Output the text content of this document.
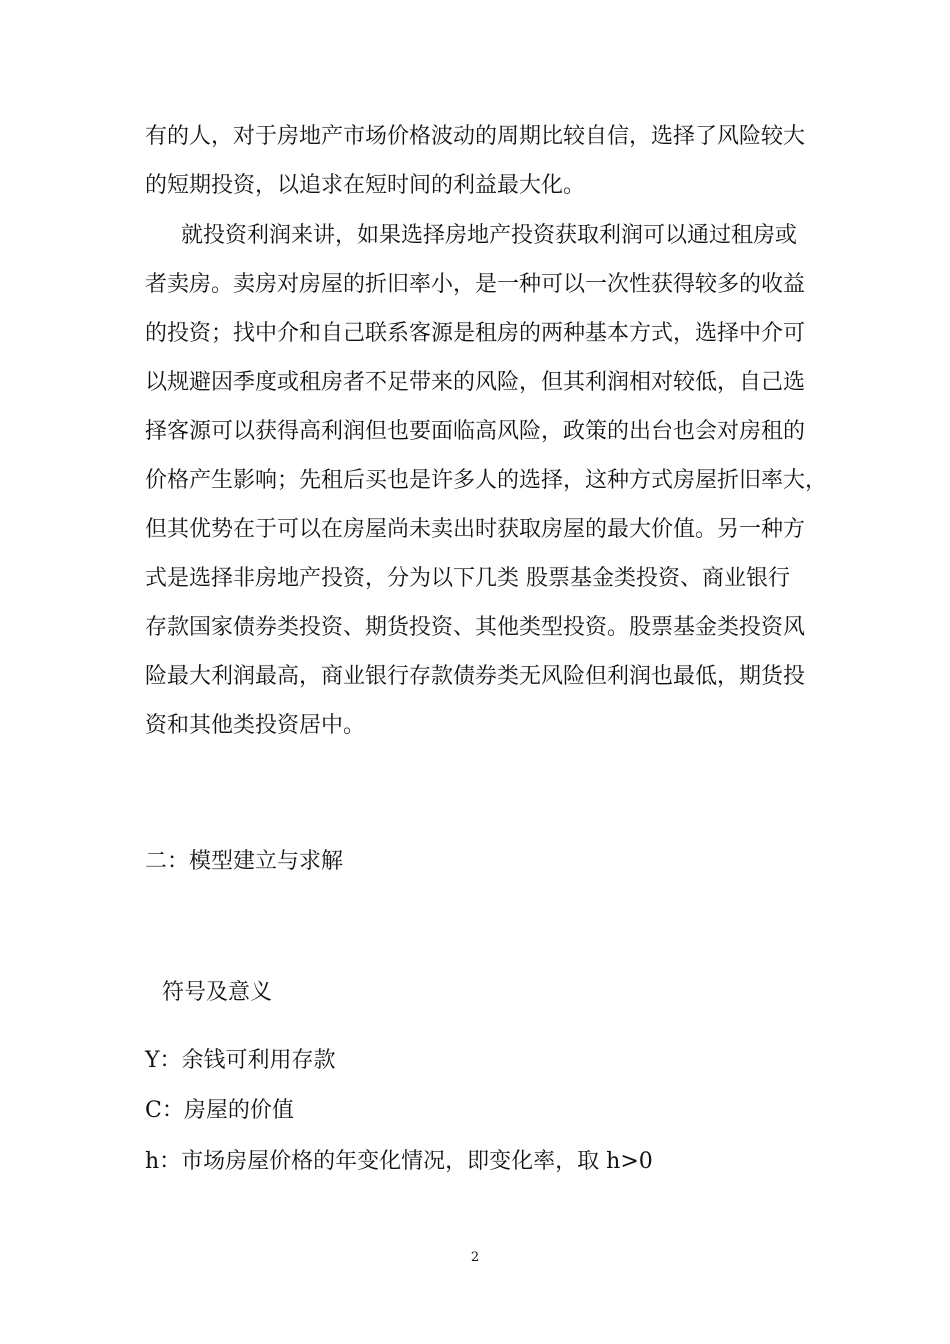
有的人，对于房地产市场价格波动的周期比较自信，选择了风险较大
的短期投资，以追求在短时间的利益最大化。
就投资利润来讲，如果选择房地产投资获取利润可以通过租房或
者卖房。卖房对房屋的折旧率小，是一种可以一次性获得较多的收益
的投资；找中介和自己联系客源是租房的两种基本方式，选择中介可
以规避因季度或租房者不足带来的风险，但其利润相对较低，自己选
择客源可以获得高利润但也要面临高风险，政策的出台也会对房租的
价格产生影响；先租后买也是许多人的选择，这种方式房屋折旧率大，
但其优势在于可以在房屋尚未卖出时获取房屋的最大价值。另一种方
式是选择非房地产投资，分为以下几类 股票基金类投资、商业银行
存款国家债券类投资、期货投资、其他类型投资。股票基金类投资风
险最大利润最高，商业银行存款债券类无风险但利润也最低，期货投
资和其他类投资居中。
二：模型建立与求解
符号及意义
Y：余钱可利用存款
C：房屋的价值
h：市场房屋价格的年变化情况，即变化率，取 h>0
2
